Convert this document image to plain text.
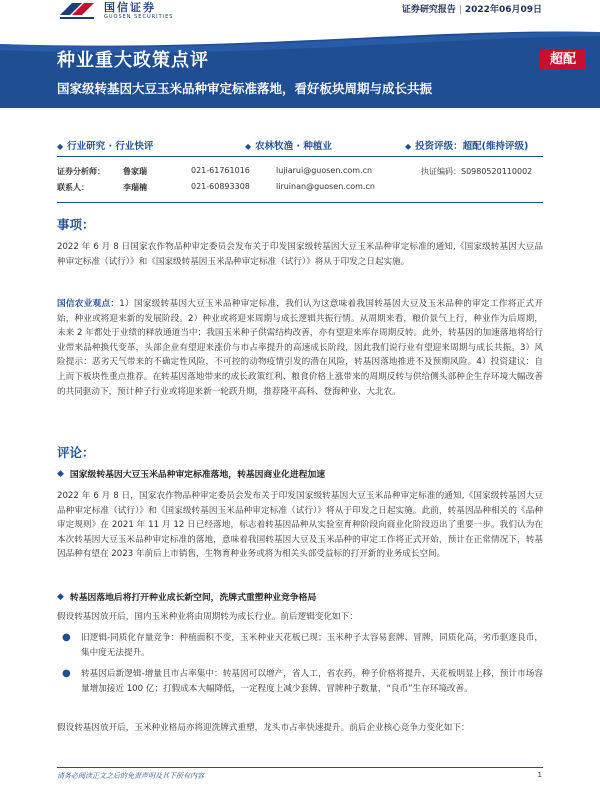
国信证券
GUOSEN SECURITIES
证券研究报告 | 2022年06月09日
种业重大政策点评
国家级转基因大豆玉米品种审定标准落地，看好板块周期与成长共振
超配
◆ 行业研究 · 行业快评	◆ 农林牧渔 · 种植业	◆ 投资评级：超配(维持评级)
证券分析师： 鲁家瑞	021-61761016	lujiarui@guosen.com.cn	执证编码：S0980520110002
联系人：	李瑞楠	021-60893308	liruinan@guosen.com.cn
事项：
2022 年 6 月 8 日国家农作物品种审定委员会发布关于印发国家级转基因大豆玉米品种审定标准的通知,《国家级转基因大豆品种审定标准（试行）》和《国家级转基因玉米品种审定标准（试行）》将从于印发之日起实施。
国信农业观点：1）国家级转基因大豆玉米品种审定标准，我们认为这意味着我国转基因大豆及玉米品种的审定工作将正式开始，种业或将迎来新的发展阶段。2）种业或将迎来周期与成长逻辑共振行情。从周期来看，粮价景气上行，种业作为后周期，未来 2 年都处于业绩的释放通道当中；我国玉米种子供需结构改善，亦有望迎来库存周期反转。此外，转基因的加速落地将给行业带来品种换代变革，头部企业有望迎来涨价与市占率提升的高速成长阶段，因此我们说行业有望迎来周期与成长共振。3）风险提示：恶劣天气带来的不确定性风险，不可控的动物疫情引发的潜在风险，转基因落地推进不及预期风险。4）投资建议：自上而下板块性重点推荐。在转基因落地带来的成长政策红利、粮食价格上涨带来的周期反转与供给侧头部种企生存环境大幅改善的共同驱动下，预计种子行业或将迎来新一轮跃升期，推荐隆平高科、登海种业、大北农。
评论：
◆ 国家级转基因大豆玉米品种审定标准落地，转基因商业化进程加速
2022 年 6 月 8 日，国家农作物品种审定委员会发布关于印发国家级转基因大豆玉米品种审定标准的通知,《国家级转基因大豆品种审定标准（试行）》和《国家级转基因玉米品种审定标准（试行）》将从于印发之日起实施。此前，转基因品种相关的《品种审定规则》在 2021 年 11 月 12 日已经落地，标志着转基因品种从实验室育种阶段向商业化阶段迈出了重要一步。我们认为在本次转基因大豆玉米品种审定标准的落地，意味着我国转基因大豆及玉米品种的审定工作将正式开始，预计在正常情况下，转基因品种有望在 2023 年前后上市销售，生物育种业务或将为相关头部受益标的打开新的业务成长空间。
◆ 转基因落地后将打开种业成长新空间，洗牌式重塑种业竞争格局
假设转基因放开后，国内玉米种业将由周期转为成长行业。前后逻辑变化如下：
● 旧逻辑-同质化存量竞争：种植面积不变，玉米种业天花板已现；玉米种子太容易套牌、冒牌，同质化高，劣币驱逐良币，集中度无法提升。
● 转基因后新逻辑-增量且市占率集中：转基因可以增产，省人工，省农药，种子价格将提升，天花板明显上移，预计市场容量增加接近 100 亿；打假成本大幅降低，一定程度上减少套牌、冒牌种子数量，“良币”生存环境改善。
假设转基因放开后，玉米种业格局亦将迎洗牌式重塑，龙头市占率快速提升。前后企业核心竞争力变化如下：
请务必阅读正文之后的免责声明及其下所有内容	1
